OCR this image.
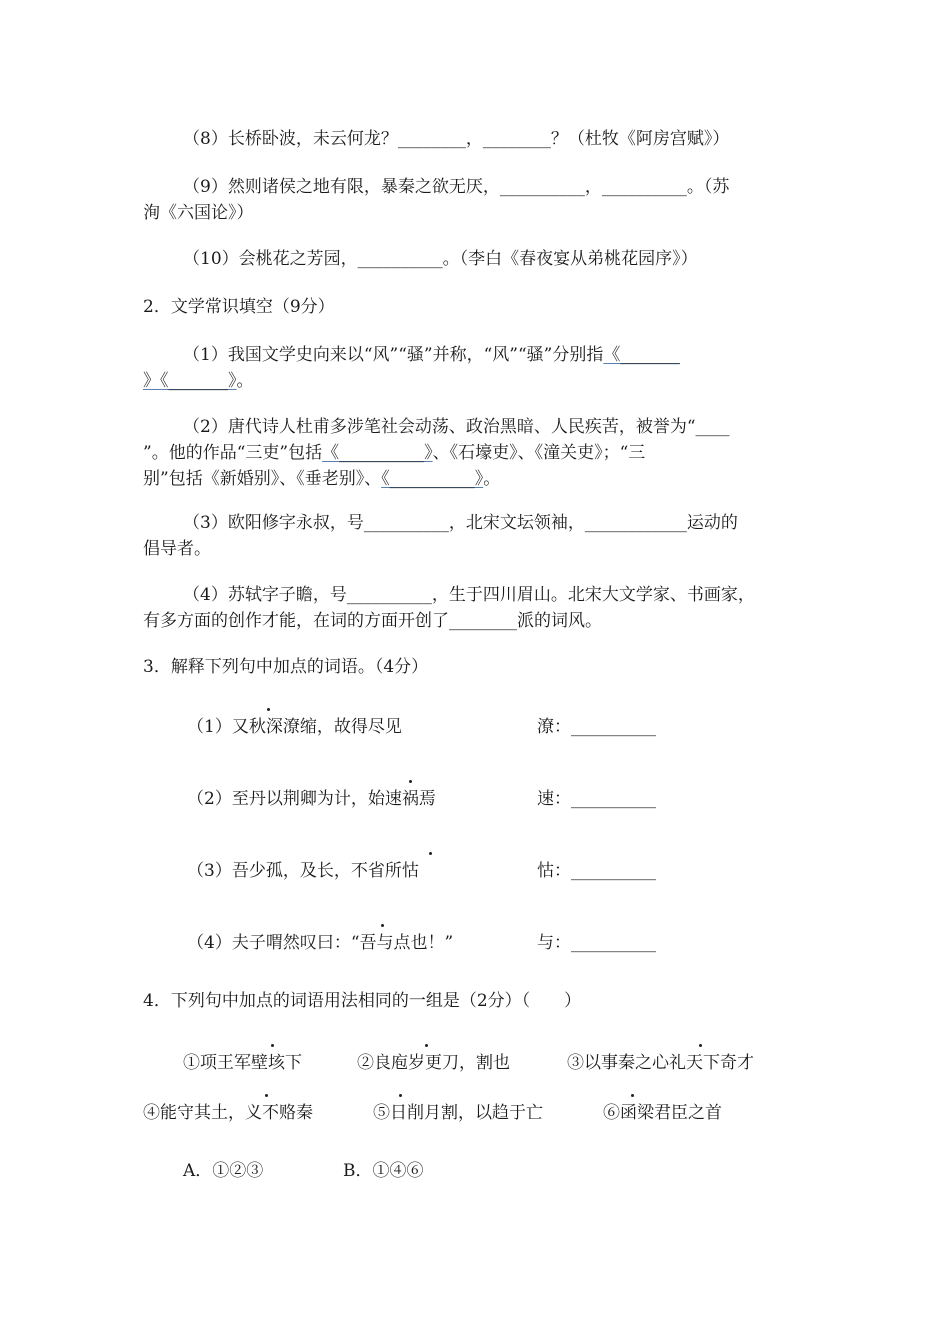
（8）长桥卧波，未云何龙？________，________？（杜牧《阿房宫赋》）
（9）然则诸侯之地有限，暴秦之欲无厌，__________，__________。（苏
洵《六国论》）
（10）会桃花之芳园，__________。（李白《春夜宴从弟桃花园序》）
2．文学常识填空（9分）
（1）我国文学史向来以“风”“骚”并称，“风”“骚”分别指《_______
》《_______》。
（2）唐代诗人杜甫多涉笔社会动荡、政治黑暗、人民疾苦，被誉为“____
”。他的作品“三吏”包括《__________》、《石壕吏》、《潼关吏》；“三
别”包括《新婚别》、《垂老别》、《__________》。
（3）欧阳修字永叔，号__________，北宋文坛领袖，____________运动的
倡导者。
（4）苏轼字子瞻，号__________，生于四川眉山。北宋大文学家、书画家，
有多方面的创作才能，在词的方面开创了________派的词风。
3．解释下列句中加点的词语。（4分）
（1）又秋深潦缩，故得尽见	潦：__________
（2）至丹以荆卿为计，始速祸焉	速：__________
（3）吾少孤，及长，不省所怙	怙：__________
（4）夫子喟然叹曰：“吾与点也！”	与：__________
4．下列句中加点的词语用法相同的一组是（2分）（　　）
①项王军壁垓下	②良庖岁更刀，割也	③以事秦之心礼天下奇才
④能守其土，义不赂秦	⑤日削月割，以趋于亡	⑥函梁君臣之首
A．①②③	B．①④⑥
